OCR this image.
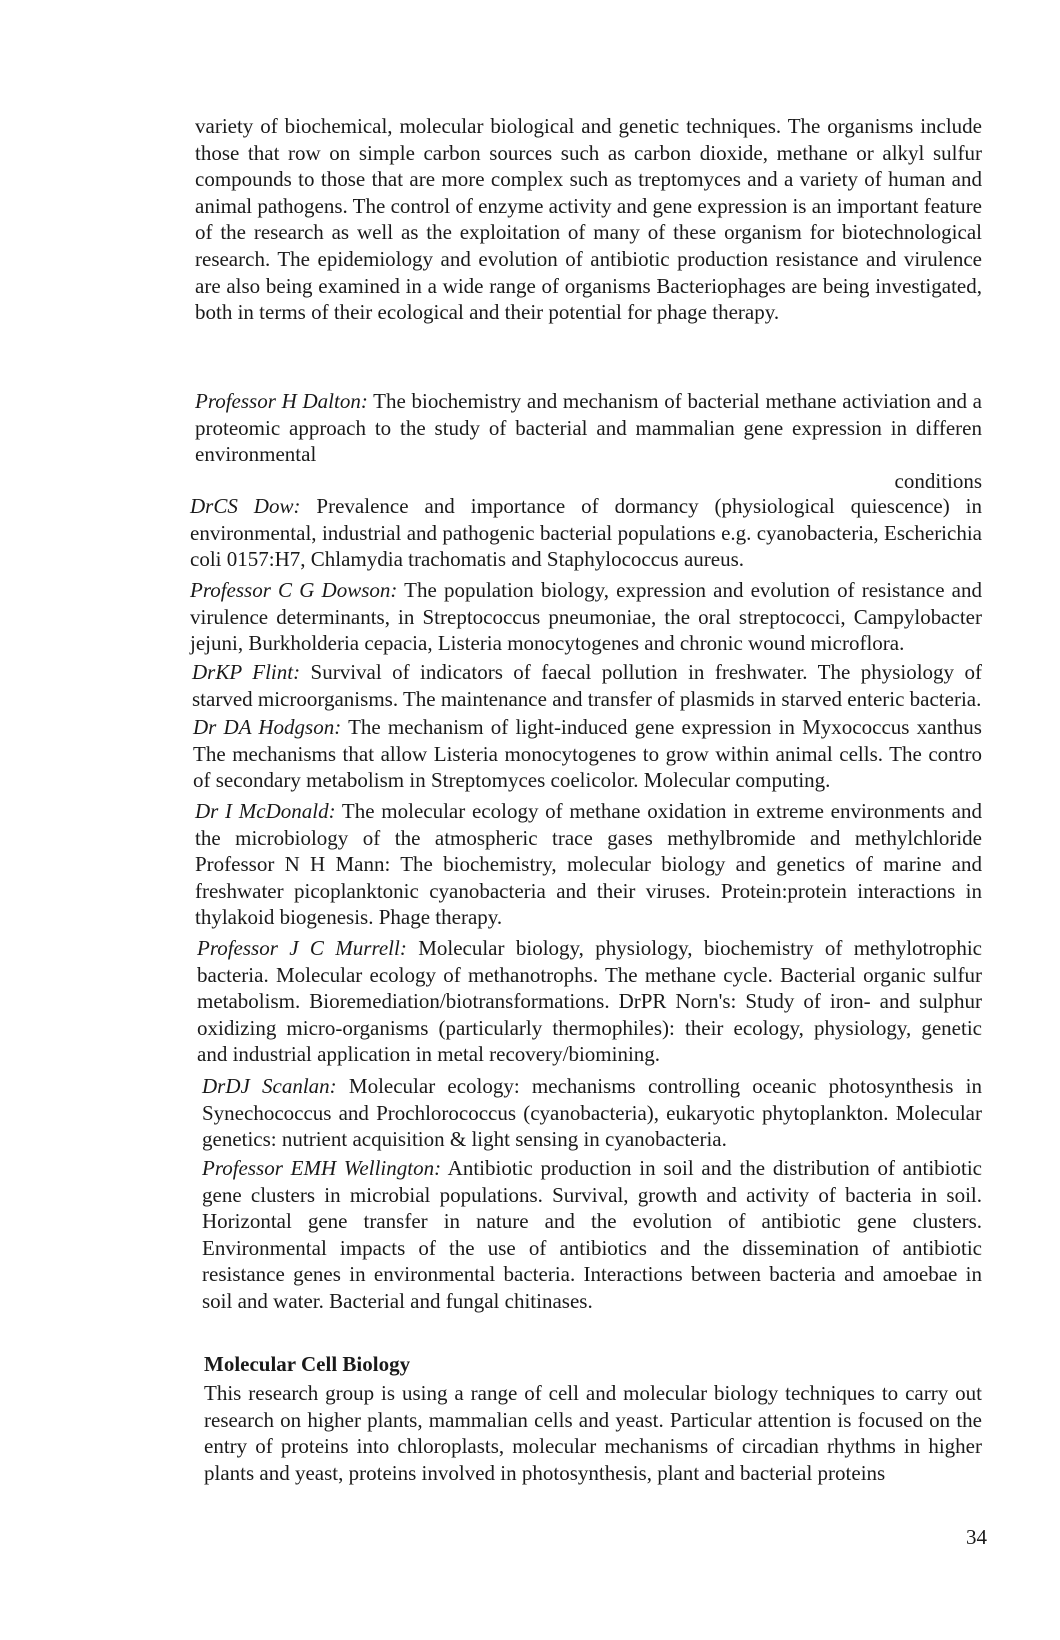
variety of biochemical, molecular biological and genetic techniques. The organisms include those that row on simple carbon sources such as carbon dioxide, methane or alkyl sulfur compounds to those that are more complex such as treptomyces and a variety of human and animal pathogens. The control of enzyme activity and gene expression is an important feature of the research as well as the exploitation of many of these organism for biotechnological research. The epidemiology and evolution of antibiotic production resistance and virulence are also being examined in a wide range of organisms Bacteriophages are being investigated, both in terms of their ecological and their potential for phage therapy.

Professor H Dalton: The biochemistry and mechanism of bacterial methane activiation and a proteomic approach to the study of bacterial and mammalian gene expression in differen environmental
conditions

DrCS Dow: Prevalence and importance of dormancy (physiological quiescence) in environmental, industrial and pathogenic bacterial populations e.g. cyanobacteria, Escherichia coli 0157:H7, Chlamydia trachomatis and Staphylococcus aureus.

Professor C G Dowson: The population biology, expression and evolution of resistance and virulence determinants, in Streptococcus pneumoniae, the oral streptococci, Campylobacter jejuni, Burkholderia cepacia, Listeria monocytogenes and chronic wound microflora.

DrKP Flint: Survival of indicators of faecal pollution in freshwater. The physiology of starved microorganisms. The maintenance and transfer of plasmids in starved enteric bacteria.

Dr DA Hodgson: The mechanism of light-induced gene expression in Myxococcus xanthus The mechanisms that allow Listeria monocytogenes to grow within animal cells. The contro of secondary metabolism in Streptomyces coelicolor. Molecular computing.

Dr I McDonald: The molecular ecology of methane oxidation in extreme environments and the microbiology of the atmospheric trace gases methylbromide and methylchloride Professor N H Mann: The biochemistry, molecular biology and genetics of marine and freshwater picoplanktonic cyanobacteria and their viruses. Protein:protein interactions in thylakoid biogenesis. Phage therapy.

Professor J C Murrell: Molecular biology, physiology, biochemistry of methylotrophic bacteria. Molecular ecology of methanotrophs. The methane cycle. Bacterial organic sulfur metabolism. Bioremediation/biotransformations. DrPR Norn's: Study of iron- and sulphur oxidizing micro-organisms (particularly thermophiles): their ecology, physiology, genetic and industrial application in metal recovery/biomining.

DrDJ Scanlan: Molecular ecology: mechanisms controlling oceanic photosynthesis in Synechococcus and Prochlorococcus (cyanobacteria), eukaryotic phytoplankton. Molecular genetics: nutrient acquisition & light sensing in cyanobacteria.

Professor EMH Wellington: Antibiotic production in soil and the distribution of antibiotic gene clusters in microbial populations. Survival, growth and activity of bacteria in soil. Horizontal gene transfer in nature and the evolution of antibiotic gene clusters. Environmental impacts of the use of antibiotics and the dissemination of antibiotic resistance genes in environmental bacteria. Interactions between bacteria and amoebae in soil and water. Bacterial and fungal chitinases.

Molecular Cell Biology

This research group is using a range of cell and molecular biology techniques to carry out research on higher plants, mammalian cells and yeast. Particular attention is focused on the entry of proteins into chloroplasts, molecular mechanisms of circadian rhythms in higher plants and yeast, proteins involved in photosynthesis, plant and bacterial proteins

34
